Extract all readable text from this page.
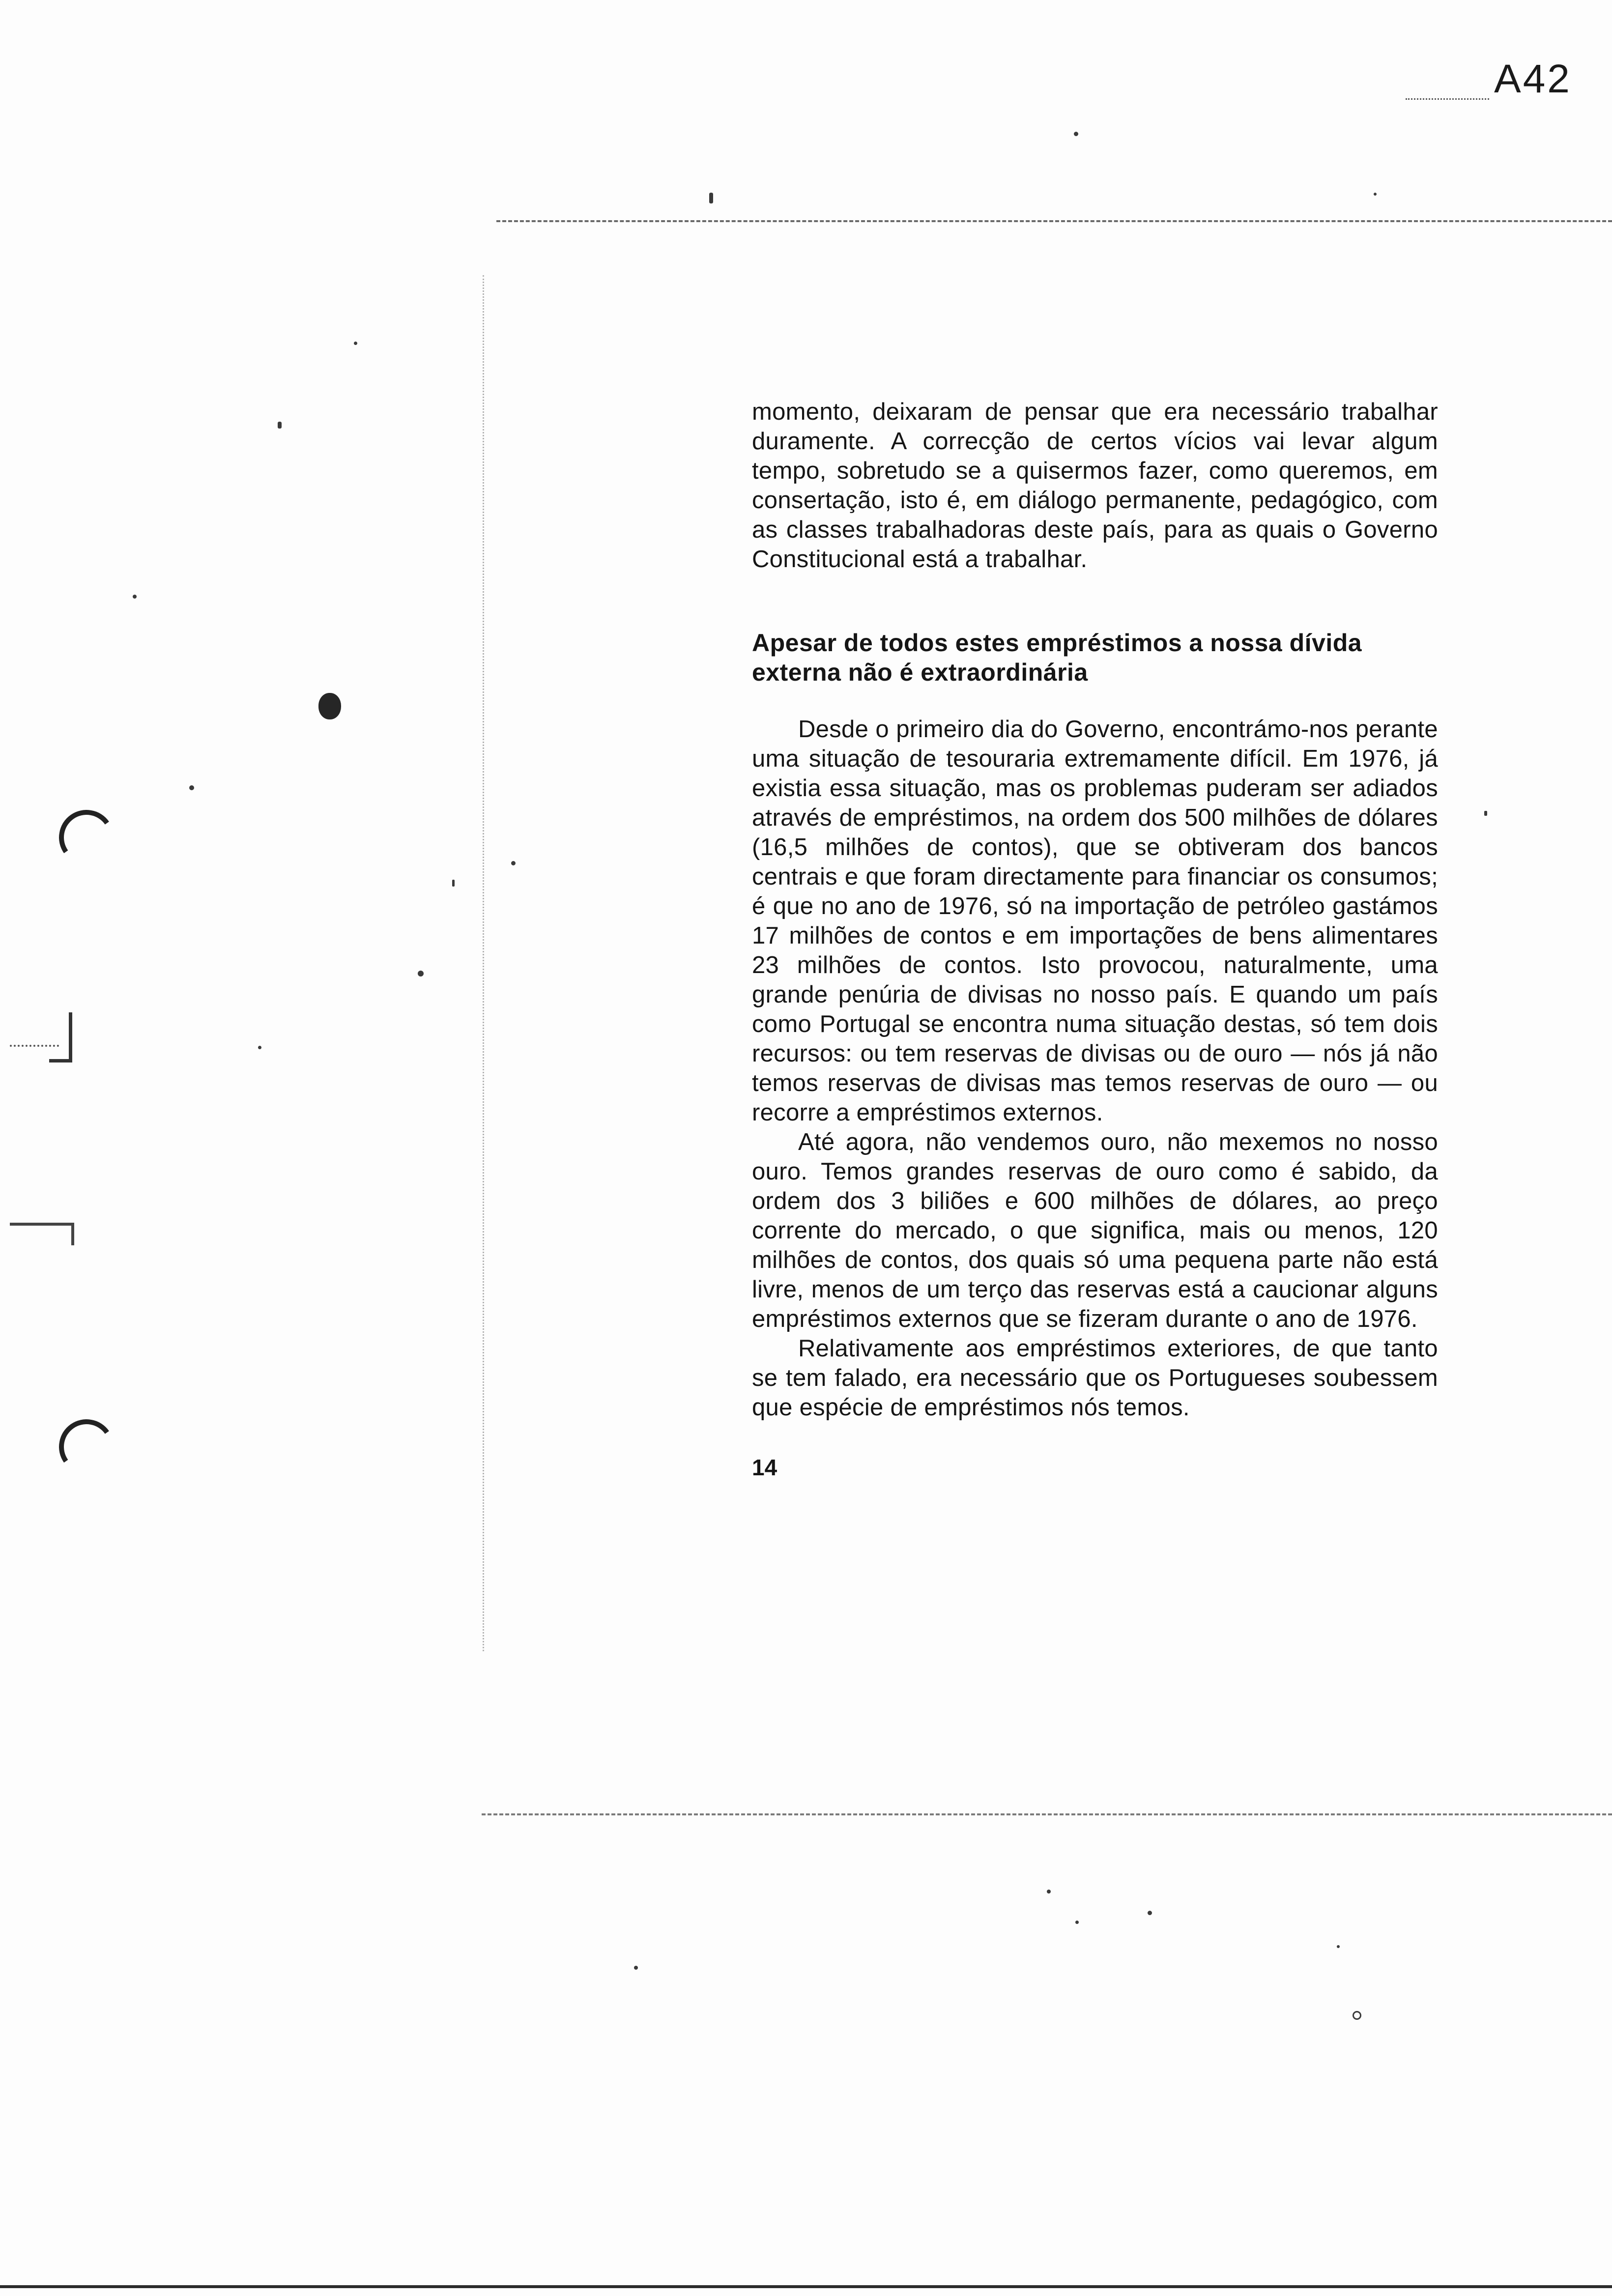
A42

momento, deixaram de pensar que era necessário trabalhar duramente. A correcção de certos vícios vai levar algum tempo, sobretudo se a quisermos fazer, como queremos, em consertação, isto é, em diálogo permanente, pedagógico, com as classes trabalhadoras deste país, para as quais o Governo Constitucional está a trabalhar.

Apesar de todos estes empréstimos a nossa dívida externa não é extraordinária

Desde o primeiro dia do Governo, encontrámo-nos perante uma situação de tesouraria extremamente difícil. Em 1976, já existia essa situação, mas os problemas puderam ser adiados através de empréstimos, na ordem dos 500 milhões de dólares (16,5 milhões de contos), que se obtiveram dos bancos centrais e que foram directamente para financiar os consumos; é que no ano de 1976, só na importação de petróleo gastámos 17 milhões de contos e em importações de bens alimentares 23 milhões de contos. Isto provocou, naturalmente, uma grande penúria de divisas no nosso país. E quando um país como Portugal se encontra numa situação destas, só tem dois recursos: ou tem reservas de divisas ou de ouro — nós já não temos reservas de divisas mas temos reservas de ouro — ou recorre a empréstimos externos.

Até agora, não vendemos ouro, não mexemos no nosso ouro. Temos grandes reservas de ouro como é sabido, da ordem dos 3 biliões e 600 milhões de dólares, ao preço corrente do mercado, o que significa, mais ou menos, 120 milhões de contos, dos quais só uma pequena parte não está livre, menos de um terço das reservas está a caucionar alguns empréstimos externos que se fizeram durante o ano de 1976.

Relativamente aos empréstimos exteriores, de que tanto se tem falado, era necessário que os Portugueses soubessem que espécie de empréstimos nós temos.

14
